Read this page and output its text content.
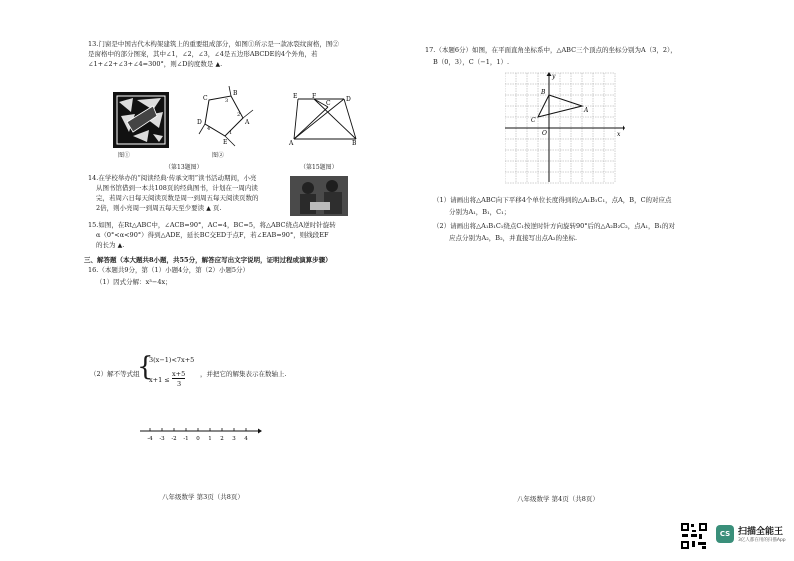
13.门窗是中国古代木构架建筑上的重要组成部分，如图①所示是一款冰裂纹窗格，图②
是窗格中的部分图案，其中∠1，∠2，∠3，∠4是五边形ABCDE的4个外角，若
∠1+∠2+∠3+∠4=300°，则∠D的度数是 ▲.
图①
C
B
A
E
D
3
2
1
4
图②
（第13题图）
E F	D
C
A	B
（第15题图）
14.在学校举办的“阅读经典·传承文明”读书活动期间，小亮
从图书馆借到一本共108页的经典图书，计划在一周内读
完，若周六日每天阅读页数是周一到周五每天阅读页数的
2倍，则小亮周一到周五每天至少要读 ▲ 页.
15.如图，在Rt△ABC中，∠ACB=90°，AC=4，BC=5，将△ABC绕点A逆时针旋转
α（0°<α<90°）得到△ADE，延长BC交ED于点F，若∠EAB=90°，则线段EF
的长为 ▲.
三、解答题（本大题共8小题，共55分，解答应写出文字说明，证明过程或演算步骤）
16.（本题共9分，第（1）小题4分，第（2）小题5分）
（1）因式分解：x³−4x；
（2）解不等式组
{
3(x−1)<7x+5
x+1 ≤
x+5
3
，并把它的解集表示在数轴上.
-4 -3 -2 -1 0 1 2 3 4
八年级数学 第3页（共8页）
17.（本题6分）如图，在平面直角坐标系中，△ABC三个顶点的坐标分别为A（3，2），
B（0，3），C（−1，1）.
y
x
O
A
B
C
（1）请画出将△ABC向下平移4个单位长度得到的△A₁B₁C₁，点A，B，C的对应点
分别为A₁，B₁，C₁；
（2）请画出将△A₁B₁C₁绕点C₁按逆时针方向旋转90°后的△A₂B₂C₂，点A₁，B₁的对
应点分别为A₂，B₂，并直接写出点A₂的坐标.
八年级数学 第4页（共8页）
CS 扫描全能王
3亿人都在用的扫描App
